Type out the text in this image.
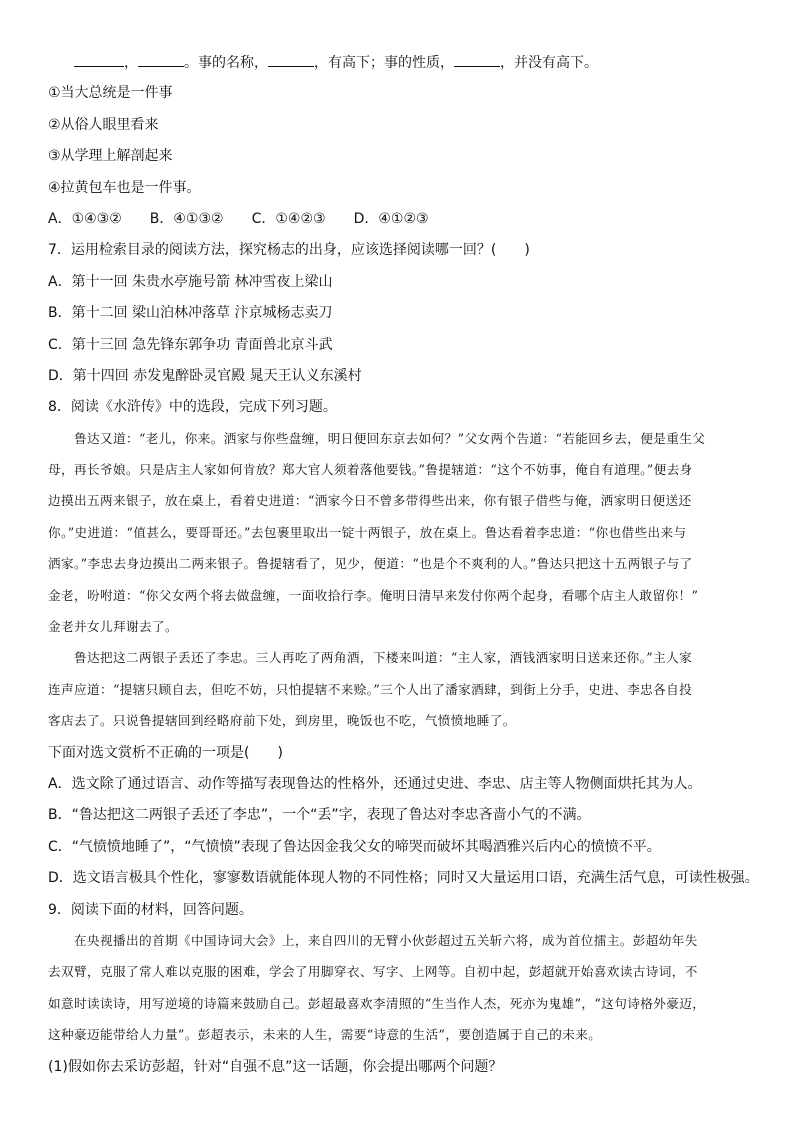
，	。事的名称，	，有高下；事的性质，	，并没有高下。
①当大总统是一件事
②从俗人眼里看来
③从学理上解剖起来
④拉黄包车也是一件事。
A．①④③②　　B．④①③②　　C．①④②③　　D．④①②③
7．运用检索目录的阅读方法，探究杨志的出身，应该选择阅读哪一回？(　　)
A．第十一回 朱贵水亭施号箭 林冲雪夜上梁山
B．第十二回 梁山泊林冲落草 汴京城杨志卖刀
C．第十三回 急先锋东郭争功 青面兽北京斗武
D．第十四回 赤发鬼醉卧灵官殿 晁天王认义东溪村
8．阅读《水浒传》中的选段，完成下列习题。
鲁达又道：“老儿，你来。洒家与你些盘缠，明日便回东京去如何？”父女两个告道：“若能回乡去，便是重生父
母，再长爷娘。只是店主人家如何肯放？郑大官人须着落他要钱。”鲁提辖道：“这个不妨事，俺自有道理。”便去身
边摸出五两来银子，放在桌上，看着史进道：“洒家今日不曾多带得些出来，你有银子借些与俺，洒家明日便送还
你。”史进道：“值甚么，要哥哥还。”去包裹里取出一锭十两银子，放在桌上。鲁达看着李忠道：“你也借些出来与
洒家。”李忠去身边摸出二两来银子。鲁提辖看了，见少，便道：“也是个不爽利的人。”鲁达只把这十五两银子与了
金老，吩咐道：“你父女两个将去做盘缠，一面收拾行李。俺明日清早来发付你两个起身，看哪个店主人敢留你！”
金老并女儿拜谢去了。
鲁达把这二两银子丢还了李忠。三人再吃了两角酒，下楼来叫道：“主人家，酒钱洒家明日送来还你。”主人家
连声应道：“提辖只顾自去，但吃不妨，只怕提辖不来赊。”三个人出了潘家酒肆，到街上分手，史进、李忠各自投
客店去了。只说鲁提辖回到经略府前下处，到房里，晚饭也不吃，气愤愤地睡了。
下面对选文赏析不正确的一项是(　　)
A．选文除了通过语言、动作等描写表现鲁达的性格外，还通过史进、李忠、店主等人物侧面烘托其为人。
B．“鲁达把这二两银子丢还了李忠”，一个“丢”字，表现了鲁达对李忠吝啬小气的不满。
C．“气愤愤地睡了”，“气愤愤”表现了鲁达因金我父女的啼哭而破坏其喝酒雅兴后内心的愤愤不平。
D．选文语言极具个性化，寥寥数语就能体现人物的不同性格；同时又大量运用口语，充满生活气息，可读性极强。
9．阅读下面的材料，回答问题。
在央视播出的首期《中国诗词大会》上，来自四川的无臂小伙彭超过五关斩六将，成为首位擂主。彭超幼年失
去双臂，克服了常人难以克服的困难，学会了用脚穿衣、写字、上网等。自初中起，彭超就开始喜欢读古诗词，不
如意时读读诗，用写逆境的诗篇来鼓励自己。彭超最喜欢李清照的“生当作人杰，死亦为鬼雄”，“这句诗格外豪迈，
这种豪迈能带给人力量”。彭超表示，未来的人生，需要“诗意的生活”，要创造属于自己的未来。
(1)假如你去采访彭超，针对“自强不息”这一话题，你会提出哪两个问题？
